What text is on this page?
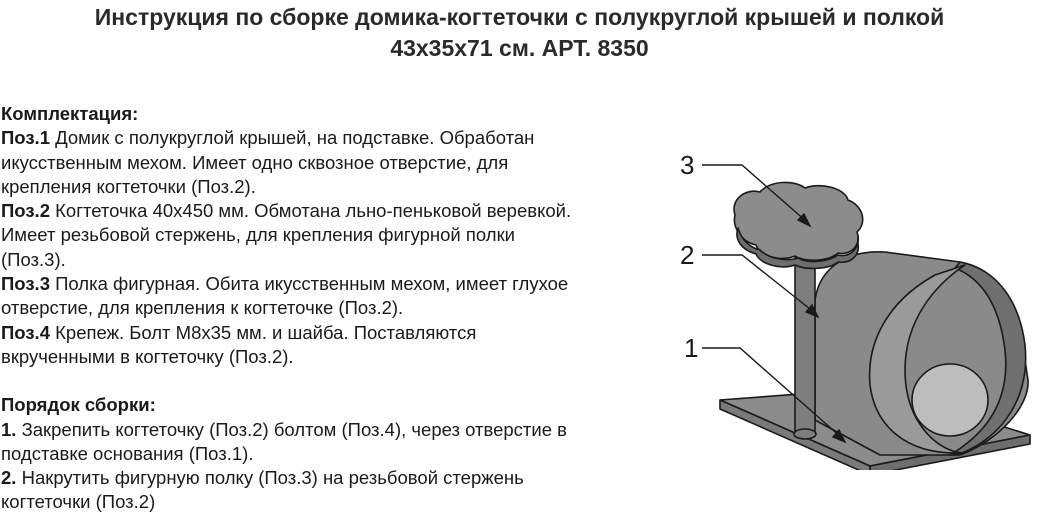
Инструкция по сборке домика-когтеточки с полукруглой крышей и полкой
43x35x71 см. АРТ. 8350

Комплектация:

Поз.1 Домик с полукруглой крышей, на подставке. Обработан

икусственным мехом. Имеет одно сквозное отверстие, для

крепления когтеточки (Поз.2).

Поз.2 Когтеточка 40х450 мм. Обмотана льно-пеньковой веревкой.

Имеет резьбовой стержень, для крепления фигурной полки

(Поз.3).

Поз.3 Полка фигурная. Обита икусственным мехом, имеет глухое

отверстие, для крепления к когтеточке (Поз.2).

Поз.4 Крепеж. Болт М8х35 мм. и шайба. Поставляются

вкрученными в когтеточку (Поз.2).

Порядок сборки:

1. Закрепить когтеточку (Поз.2) болтом (Поз.4), через отверстие в

подставке основания (Поз.1).

2. Накрутить фигурную полку (Поз.3) на резьбовой стержень

когтеточки (Поз.2)

3
2
1
